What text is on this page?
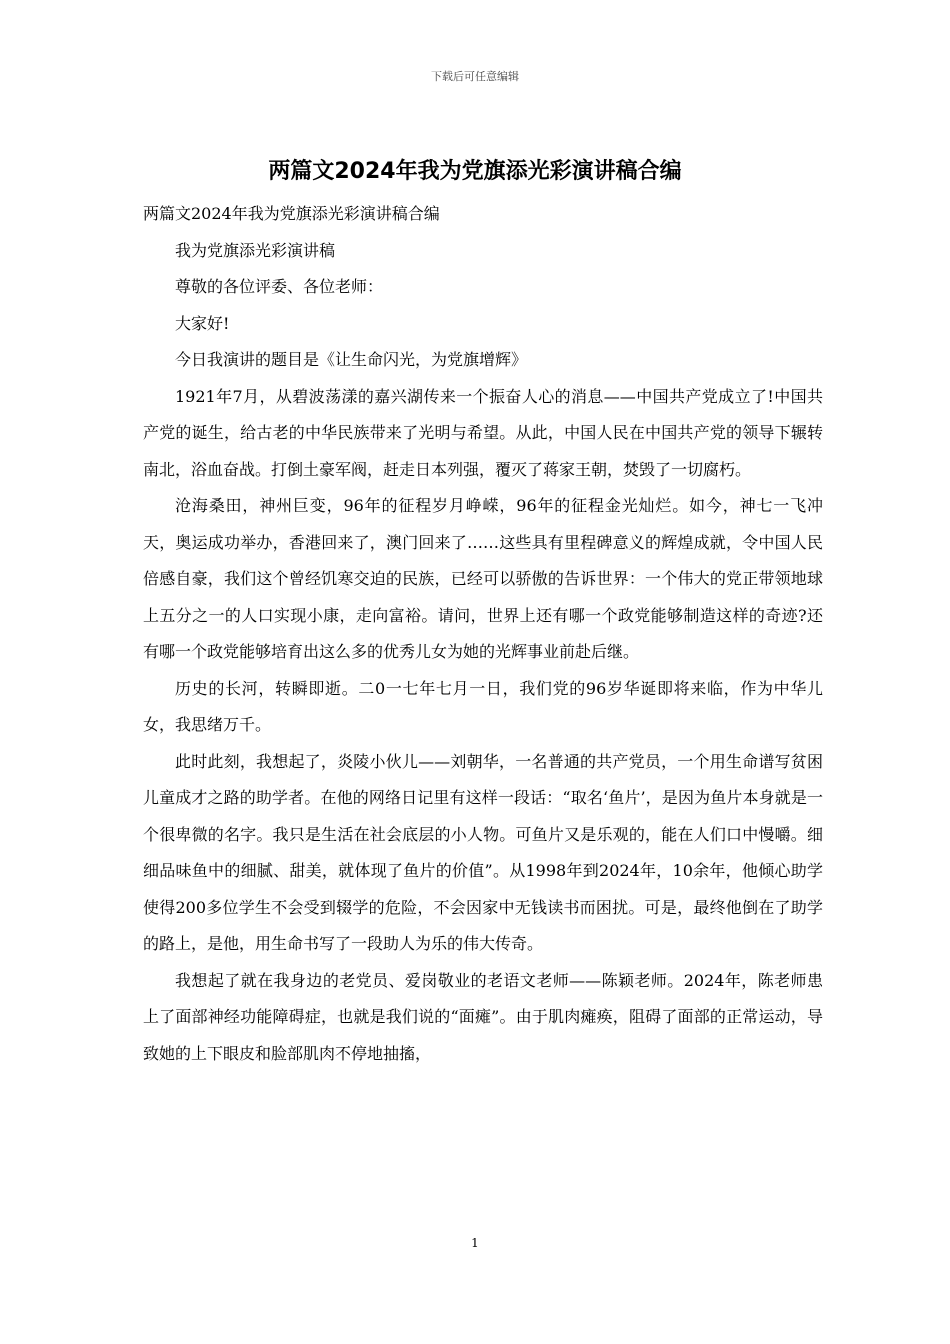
下载后可任意编辑
两篇文2024年我为党旗添光彩演讲稿合编

两篇文2024年我为党旗添光彩演讲稿合编

我为党旗添光彩演讲稿

尊敬的各位评委、各位老师：

大家好!

今日我演讲的题目是《让生命闪光，为党旗增辉》

1921年7月，从碧波荡漾的嘉兴湖传来一个振奋人心的消息——中国共产党成立了!中国共产党的诞生，给古老的中华民族带来了光明与希望。从此，中国人民在中国共产党的领导下辗转南北，浴血奋战。打倒土豪军阀，赶走日本列强，覆灭了蒋家王朝，焚毁了一切腐朽。

沧海桑田，神州巨变，96年的征程岁月峥嵘，96年的征程金光灿烂。如今，神七一飞冲天，奥运成功举办，香港回来了，澳门回来了……这些具有里程碑意义的辉煌成就，令中国人民倍感自豪，我们这个曾经饥寒交迫的民族，已经可以骄傲的告诉世界：一个伟大的党正带领地球上五分之一的人口实现小康，走向富裕。请问，世界上还有哪一个政党能够制造这样的奇迹?还有哪一个政党能够培育出这么多的优秀儿女为她的光辉事业前赴后继。

历史的长河，转瞬即逝。二0一七年七月一日，我们党的96岁华诞即将来临，作为中华儿女，我思绪万千。

此时此刻，我想起了，炎陵小伙儿——刘朝华，一名普通的共产党员，一个用生命谱写贫困儿童成才之路的助学者。在他的网络日记里有这样一段话：“取名‘鱼片’，是因为鱼片本身就是一个很卑微的名字。我只是生活在社会底层的小人物。可鱼片又是乐观的，能在人们口中慢嚼。细细品味鱼中的细腻、甜美，就体现了鱼片的价值”。从1998年到2024年，10余年，他倾心助学使得200多位学生不会受到辍学的危险，不会因家中无钱读书而困扰。可是，最终他倒在了助学的路上，是他，用生命书写了一段助人为乐的伟大传奇。

我想起了就在我身边的老党员、爱岗敬业的老语文老师——陈颖老师。2024年，陈老师患上了面部神经功能障碍症，也就是我们说的“面瘫”。由于肌肉瘫痪，阻碍了面部的正常运动，导致她的上下眼皮和脸部肌肉不停地抽搐，

1
